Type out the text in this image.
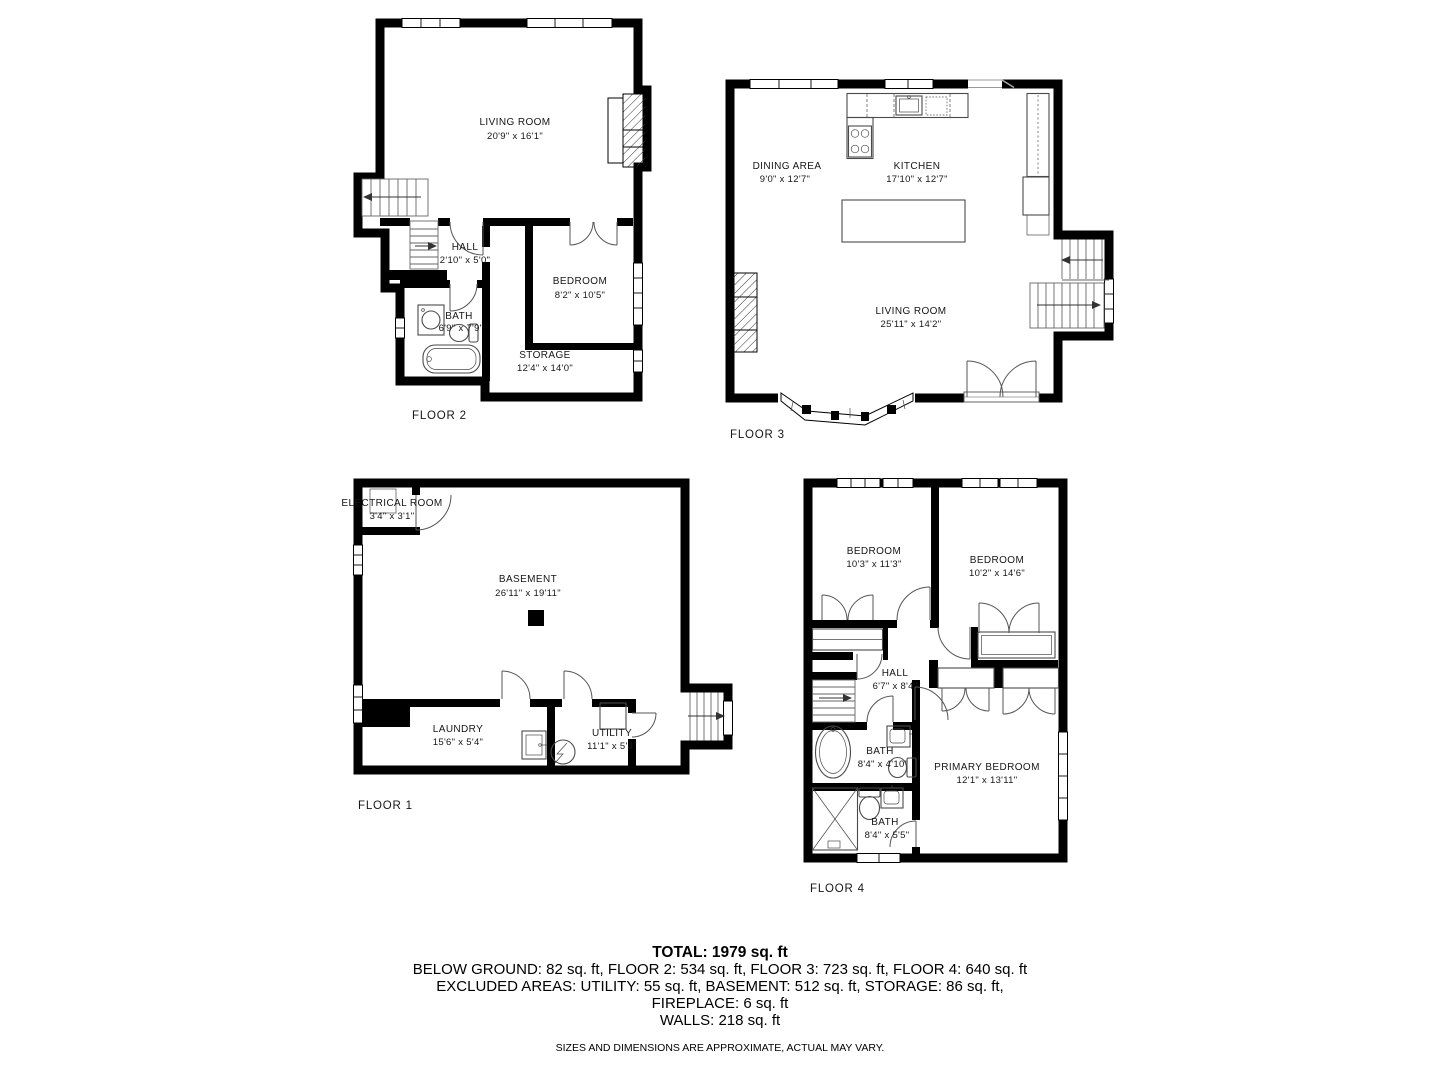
LIVING ROOM
20'9" x 16'1"
HALL
2'10" x 5'0"
BEDROOM
8'2" x 10'5"
BATH
6'9" x 7'9"
STORAGE
12'4" x 14'0"
FLOOR 2
DINING AREA
9'0" x 12'7"
KITCHEN
17'10" x 12'7"
LIVING ROOM
25'11" x 14'2"
FLOOR 3
ELECTRICAL ROOM
3'4" x 3'1"
BASEMENT
26'11" x 19'11"
LAUNDRY
15'6" x 5'4"
UTILITY
11'1" x 5'4"
FLOOR 1
BEDROOM
10'3" x 11'3"	BEDROOM
10'2" x 14'6"
HALL
6'7" x 8'4"
BATH
8'4" x 4'10"
BATH
8'4" x 5'5"
PRIMARY BEDROOM
12'1" x 13'11"
FLOOR 4
TOTAL: 1979 sq. ft
BELOW GROUND: 82 sq. ft, FLOOR 2: 534 sq. ft, FLOOR 3: 723 sq. ft, FLOOR 4: 640 sq. ft
EXCLUDED AREAS: UTILITY: 55 sq. ft, BASEMENT: 512 sq. ft, STORAGE: 86 sq. ft,
FIREPLACE: 6 sq. ft
WALLS: 218 sq. ft
SIZES AND DIMENSIONS ARE APPROXIMATE, ACTUAL MAY VARY.
